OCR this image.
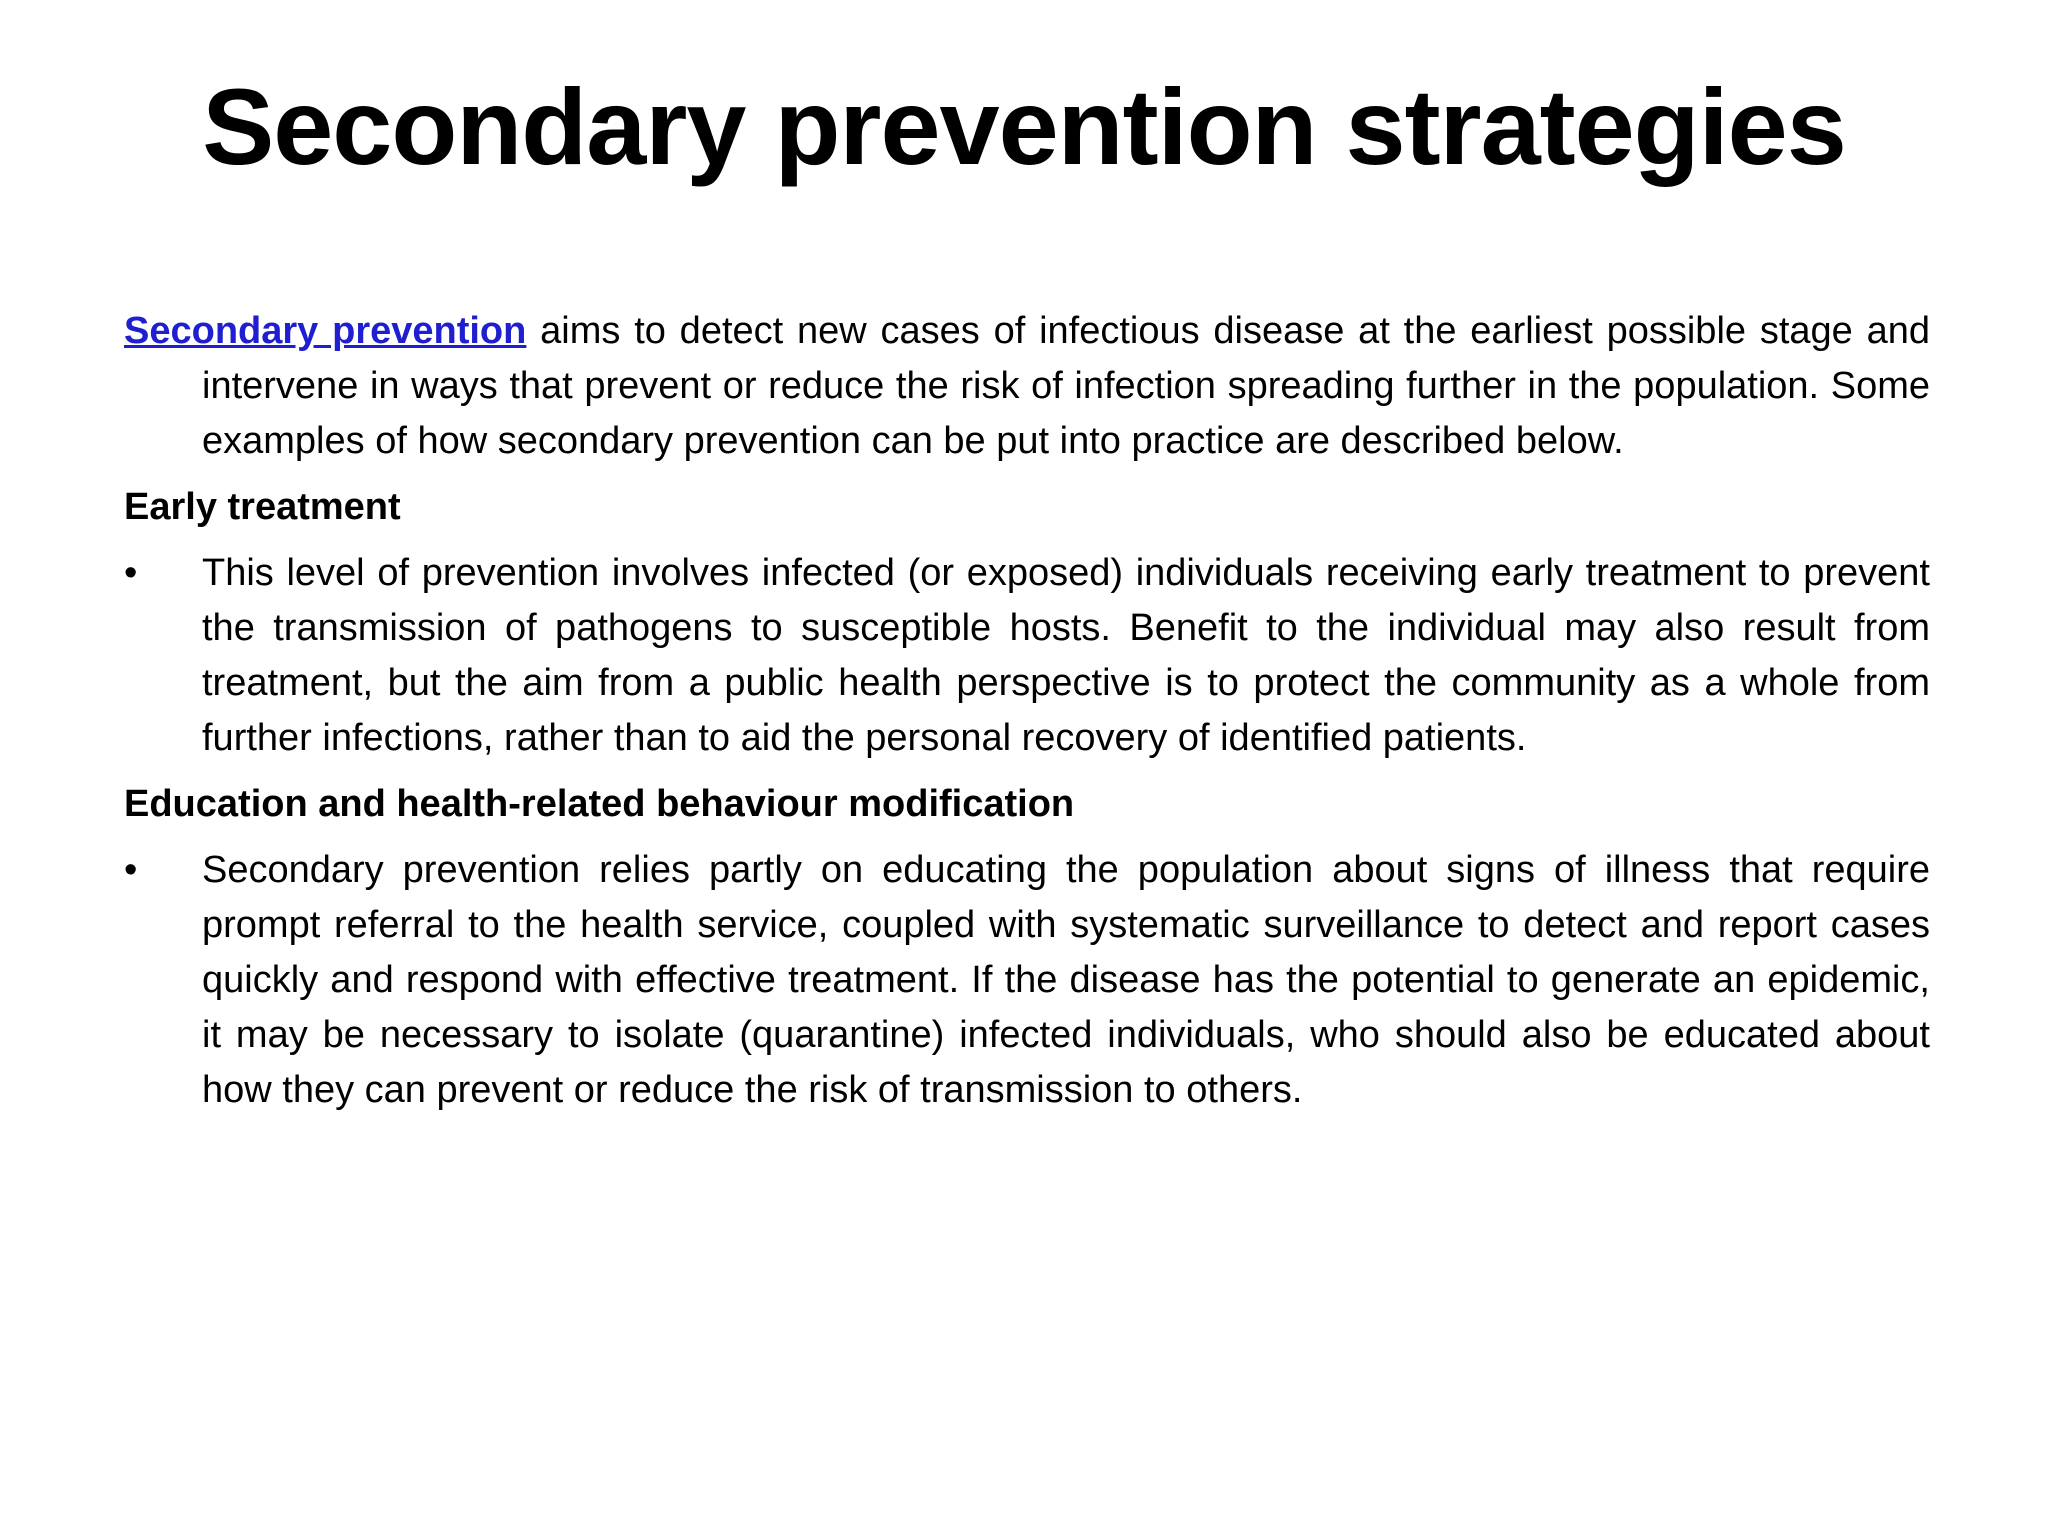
Secondary prevention strategies

Secondary prevention aims to detect new cases of infectious disease at the earliest possible stage and intervene in ways that prevent or reduce the risk of infection spreading further in the population. Some examples of how secondary prevention can be put into practice are described below.

Early treatment
•	This level of prevention involves infected (or exposed) individuals receiving early treatment to prevent the transmission of pathogens to susceptible hosts. Benefit to the individual may also result from treatment, but the aim from a public health perspective is to protect the community as a whole from further infections, rather than to aid the personal recovery of identified patients.
Education and health-related behaviour modification
•	Secondary prevention relies partly on educating the population about signs of illness that require prompt referral to the health service, coupled with systematic surveillance to detect and report cases quickly and respond with effective treatment. If the disease has the potential to generate an epidemic, it may be necessary to isolate (quarantine) infected individuals, who should also be educated about how they can prevent or reduce the risk of transmission to others.
